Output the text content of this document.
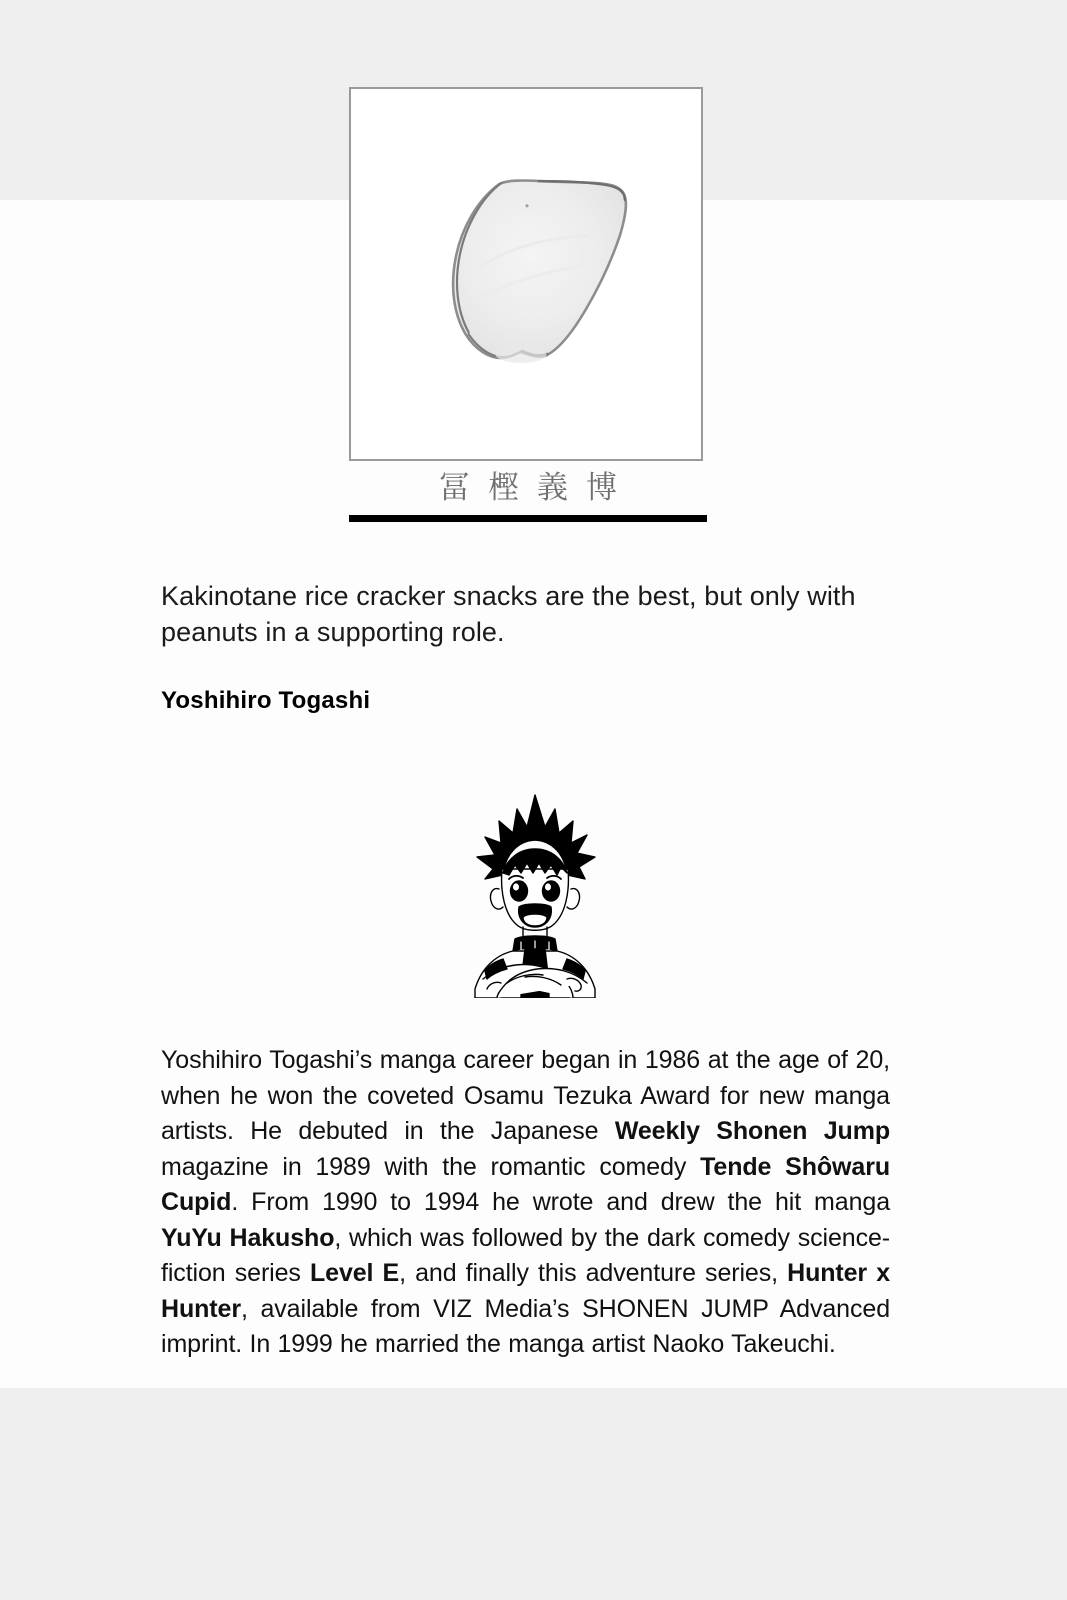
冨樫義博
Kakinotane rice cracker snacks are the best, but only with peanuts in a supporting role.
Yoshihiro Togashi

Yoshihiro Togashi’s manga career began in 1986 at the age of 20, when he won the coveted Osamu Tezuka Award for new manga artists. He debuted in the Japanese Weekly Shonen Jump magazine in 1989 with the romantic comedy Tende Shôwaru Cupid. From 1990 to 1994 he wrote and drew the hit manga YuYu Hakusho, which was followed by the dark comedy science-fiction series Level E, and finally this adventure series, Hunter x Hunter, available from VIZ Media’s SHONEN JUMP Advanced imprint. In 1999 he married the manga artist Naoko Takeuchi.
